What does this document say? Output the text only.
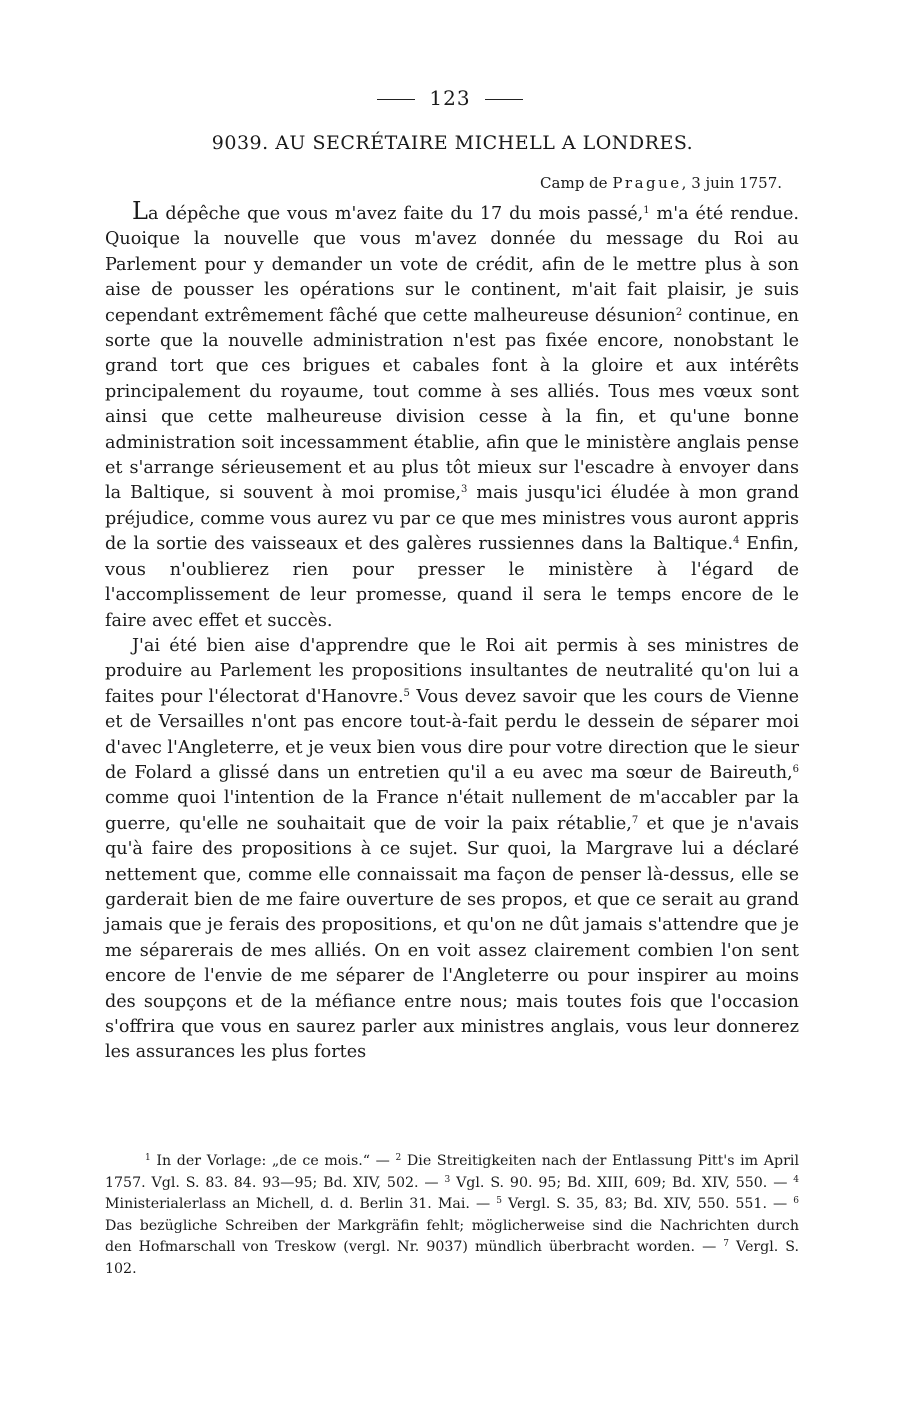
123
9039. AU SECRÉTAIRE MICHELL A LONDRES.
Camp de Prague, 3 juin 1757.

La dépêche que vous m'avez faite du 17 du mois passé,$^1$ m'a été rendue. Quoique la nouvelle que vous m'avez donnée du message du Roi au Parlement pour y demander un vote de crédit, afin de le mettre plus à son aise de pousser les opérations sur le continent, m'ait fait plaisir, je suis cependant extrêmement fâché que cette malheureuse désunion$^2$ continue, en sorte que la nouvelle administration n'est pas fixée encore, nonobstant le grand tort que ces brigues et cabales font à la gloire et aux intérêts principalement du royaume, tout comme à ses alliés. Tous mes vœux sont ainsi que cette malheureuse division cesse à la fin, et qu'une bonne administration soit incessamment établie, afin que le ministère anglais pense et s'arrange sérieusement et au plus tôt mieux sur l'escadre à envoyer dans la Baltique, si souvent à moi promise,$^3$ mais jusqu'ici éludée à mon grand préjudice, comme vous aurez vu par ce que mes ministres vous auront appris de la sortie des vaisseaux et des galères russiennes dans la Baltique.$^4$ Enfin, vous n'oublierez rien pour presser le ministère à l'égard de l'accomplissement de leur promesse, quand il sera le temps encore de le faire avec effet et succès.

J'ai été bien aise d'apprendre que le Roi ait permis à ses ministres de produire au Parlement les propositions insultantes de neutralité qu'on lui a faites pour l'électorat d'Hanovre.$^5$ Vous devez savoir que les cours de Vienne et de Versailles n'ont pas encore tout-à-fait perdu le dessein de séparer moi d'avec l'Angleterre, et je veux bien vous dire pour votre direction que le sieur de Folard a glissé dans un entretien qu'il a eu avec ma sœur de Baireuth,$^6$ comme quoi l'intention de la France n'était nullement de m'accabler par la guerre, qu'elle ne souhaitait que de voir la paix rétablie,$^7$ et que je n'avais qu'à faire des propositions à ce sujet. Sur quoi, la Margrave lui a déclaré nettement que, comme elle connaissait ma façon de penser là-dessus, elle se garderait bien de me faire ouverture de ses propos, et que ce serait au grand jamais que je ferais des propositions, et qu'on ne dût jamais s'attendre que je me séparerais de mes alliés. On en voit assez clairement combien l'on sent encore de l'envie de me séparer de l'Angleterre ou pour inspirer au moins des soupçons et de la méfiance entre nous; mais toutes fois que l'occasion s'offrira que vous en saurez parler aux ministres anglais, vous leur donnerez les assurances les plus fortes

$^1$ In der Vorlage: „de ce mois.“ — $^2$ Die Streitigkeiten nach der Entlassung Pitt's im April 1757. Vgl. S. 83. 84. 93—95; Bd. XIV, 502. — $^3$ Vgl. S. 90. 95; Bd. XIII, 609; Bd. XIV, 550. — $^4$ Ministerialerlass an Michell, d. d. Berlin 31. Mai. — $^5$ Vergl. S. 35, 83; Bd. XIV, 550. 551. — $^6$ Das bezügliche Schreiben der Markgräfin fehlt; möglicherweise sind die Nachrichten durch den Hofmarschall von Treskow (vergl. Nr. 9037) mündlich überbracht worden. — $^7$ Vergl. S. 102.
